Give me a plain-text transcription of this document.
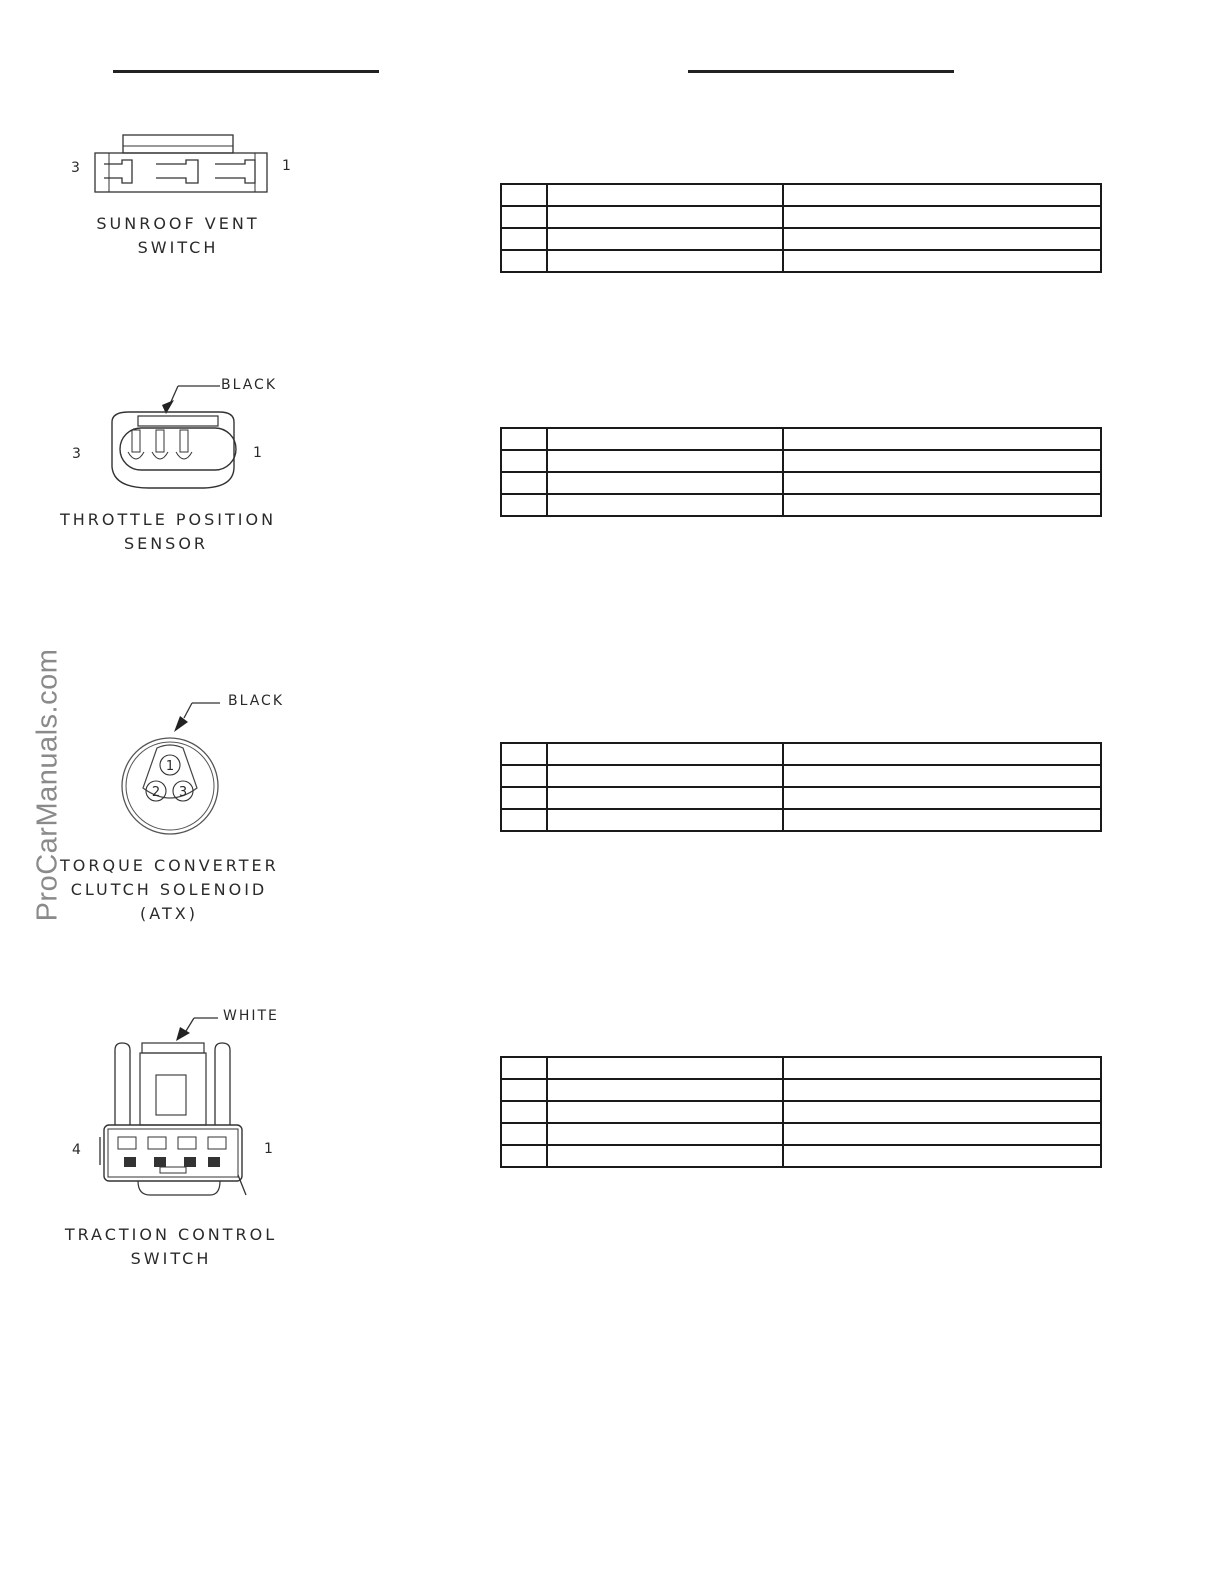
ProCarManuals.com
3	1
SUNROOF VENT
SWITCH
BLACK
3	1
THROTTLE POSITION
SENSOR
1
2 3
BLACK
TORQUE CONVERTER
CLUTCH SOLENOID
(ATX)
WHITE
4	1
TRACTION CONTROL
SWITCH
